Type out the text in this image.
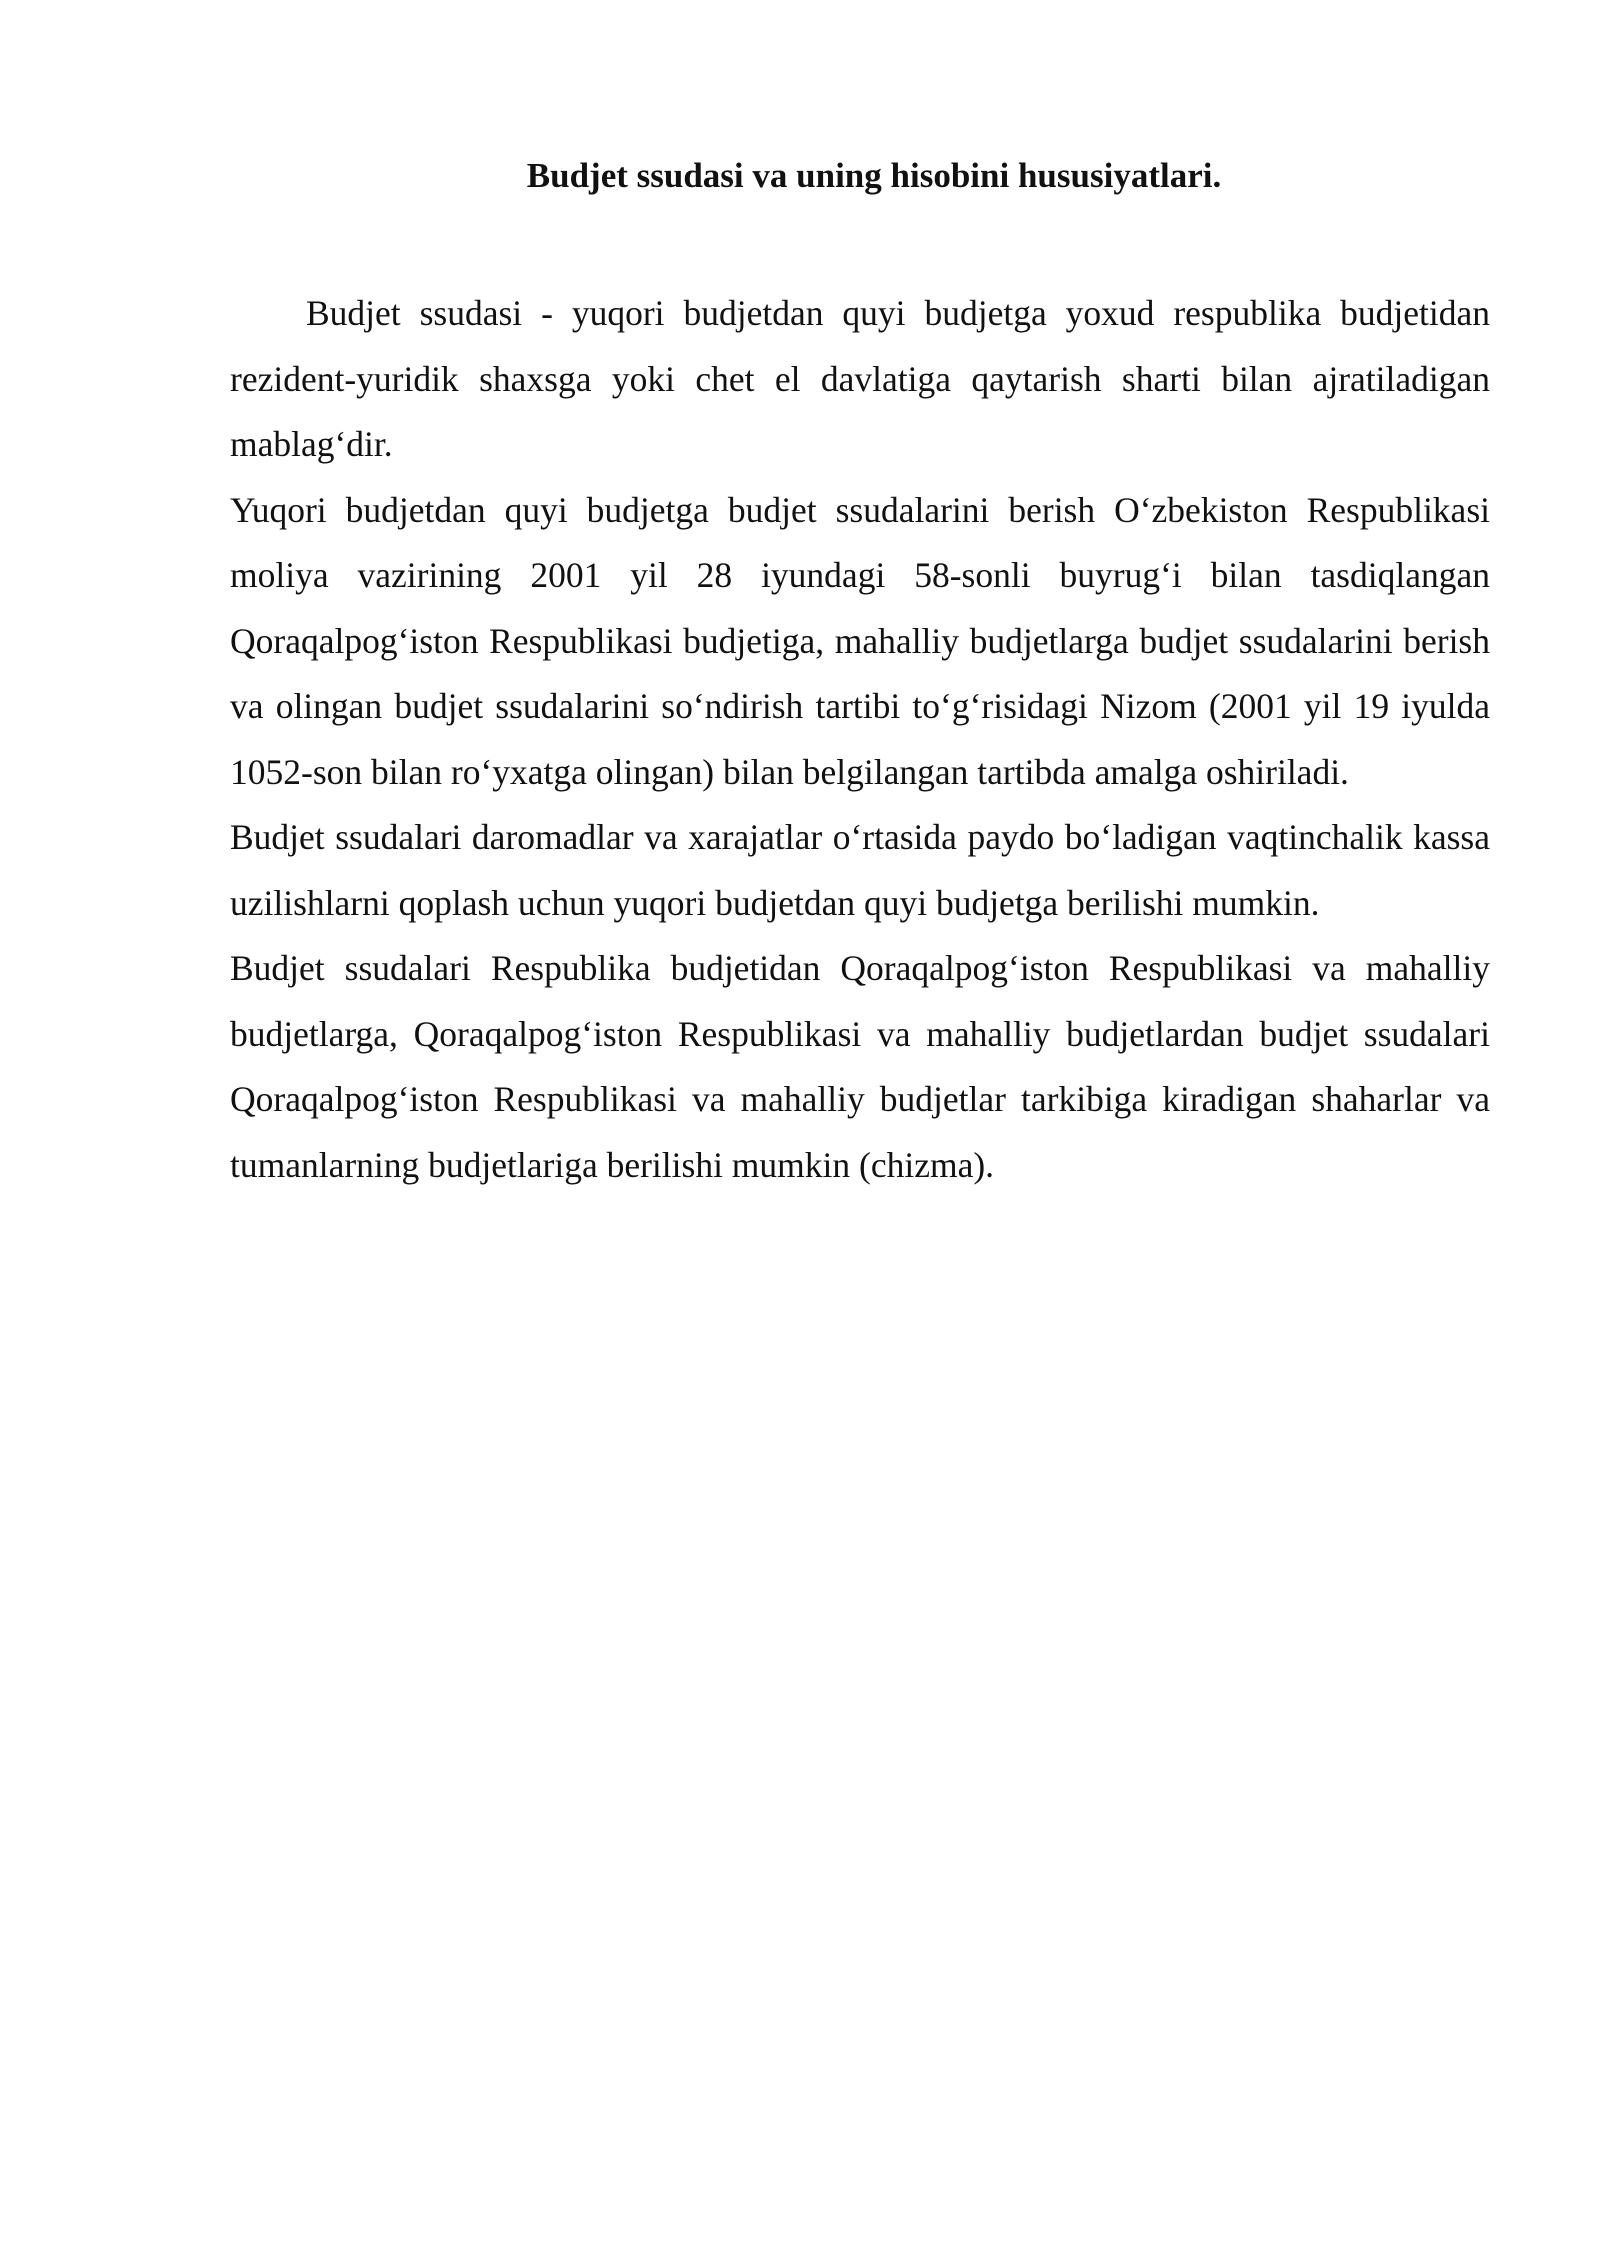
Budjet ssudasi va uning hisobini hususiyatlari.

Budjet ssudasi - yuqori budjetdan quyi budjetga yoxud respublika budjetidan rezident-yuridik shaxsga yoki chet el davlatiga qaytarish sharti bilan ajratiladigan mablag‘dir.

Yuqori budjetdan quyi budjetga budjet ssudalarini berish O‘zbekiston Respublikasi moliya vazirining 2001 yil 28 iyundagi 58-sonli buyrug‘i bilan tasdiqlangan Qoraqalpog‘iston Respublikasi budjetiga, mahalliy budjetlarga budjet ssudalarini berish va olingan budjet ssudalarini so‘ndirish tartibi to‘g‘risidagi Nizom (2001 yil 19 iyulda 1052-son bilan ro‘yxatga olingan) bilan belgilangan tartibda amalga oshiriladi.

Budjet ssudalari daromadlar va xarajatlar o‘rtasida paydo bo‘ladigan vaqtinchalik kassa uzilishlarni qoplash uchun yuqori budjetdan quyi budjetga berilishi mumkin.

Budjet ssudalari Respublika budjetidan Qoraqalpog‘iston Respublikasi va mahalliy budjetlarga, Qoraqalpog‘iston Respublikasi va mahalliy budjetlardan budjet ssudalari Qoraqalpog‘iston Respublikasi va mahalliy budjetlar tarkibiga kiradigan shaharlar va tumanlarning budjetlariga berilishi mumkin (chizma).
